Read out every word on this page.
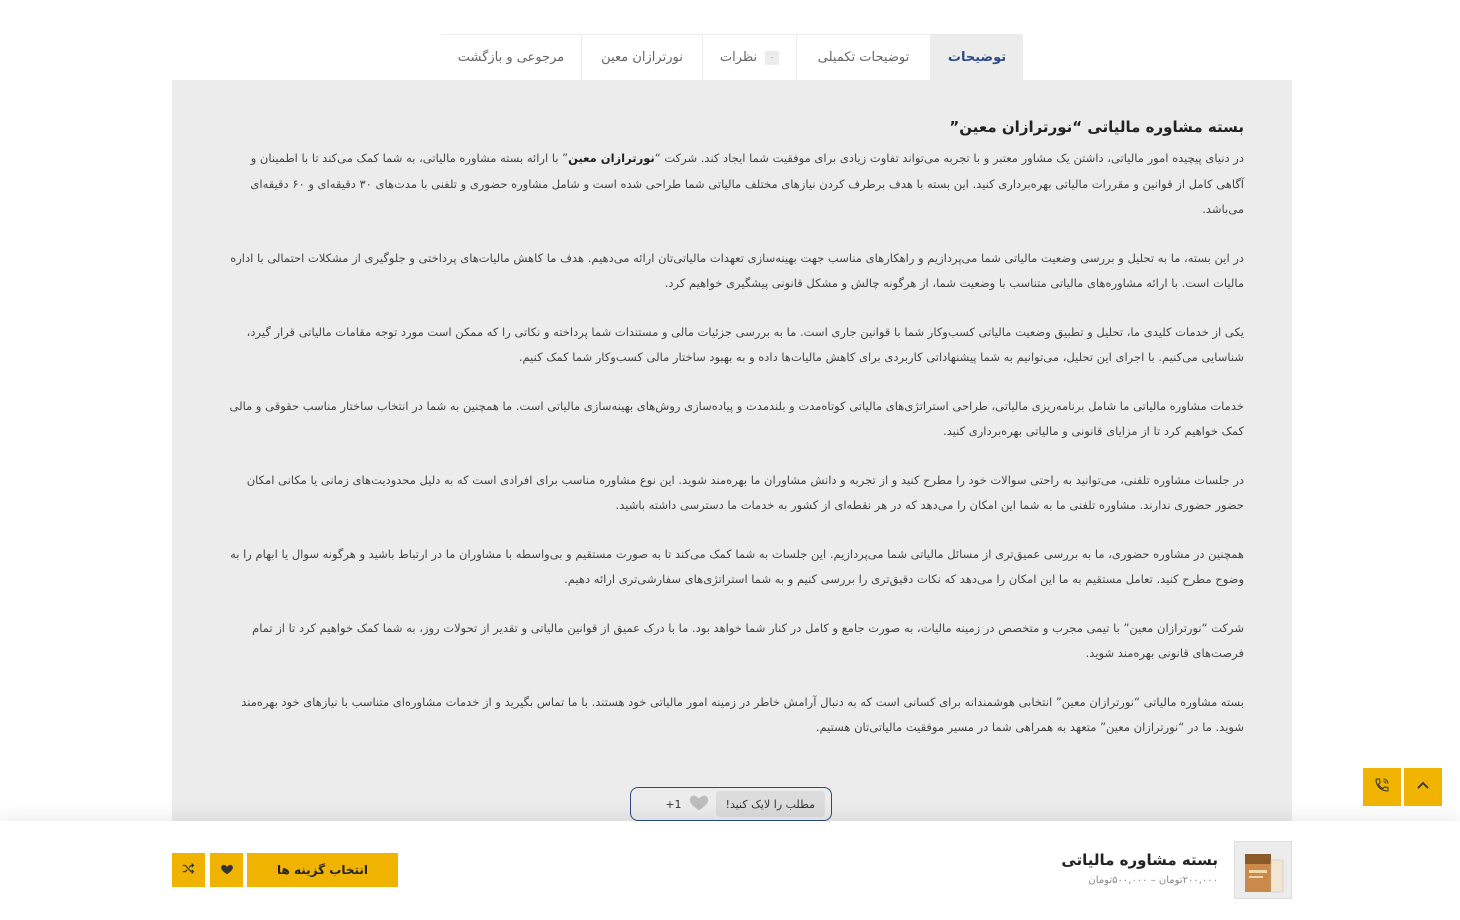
توضیحات
توضیحات تکمیلی
نظرات	۰
نورترازان معین
مرجوعی و بازگشت
بسته مشاوره مالیاتی “نورترازان معین”

در دنیای پیچیده امور مالیاتی، داشتن یک مشاور معتبر و با تجربه می‌تواند تفاوت زیادی برای موفقیت شما ایجاد کند. شرکت “نورترازان معین” با ارائه بسته مشاوره مالیاتی، به شما کمک می‌کند تا با اطمینان و آگاهی کامل از قوانین و مقررات مالیاتی بهره‌برداری کنید. این بسته با هدف برطرف کردن نیازهای مختلف مالیاتی شما طراحی شده است و شامل مشاوره حضوری و تلفنی با مدت‌های ۳۰ دقیقه‌ای و ۶۰ دقیقه‌ای می‌باشد.

در این بسته، ما به تحلیل و بررسی وضعیت مالیاتی شما می‌پردازیم و راهکارهای مناسب جهت بهینه‌سازی تعهدات مالیاتی‌تان ارائه می‌دهیم. هدف ما کاهش مالیات‌های پرداختی و جلوگیری از مشکلات احتمالی با اداره مالیات است. با ارائه مشاوره‌های مالیاتی متناسب با وضعیت شما، از هرگونه چالش و مشکل قانونی پیشگیری خواهیم کرد.

یکی از خدمات کلیدی ما، تحلیل و تطبیق وضعیت مالیاتی کسب‌وکار شما با قوانین جاری است. ما به بررسی جزئیات مالی و مستندات شما پرداخته و نکاتی را که ممکن است مورد توجه مقامات مالیاتی قرار گیرد، شناسایی می‌کنیم. با اجرای این تحلیل، می‌توانیم به شما پیشنهاداتی کاربردی برای کاهش مالیات‌ها داده و به بهبود ساختار مالی کسب‌وکار شما کمک کنیم.

خدمات مشاوره مالیاتی ما شامل برنامه‌ریزی مالیاتی، طراحی استراتژی‌های مالیاتی کوتاه‌مدت و بلندمدت و پیاده‌سازی روش‌های بهینه‌سازی مالیاتی است. ما همچنین به شما در انتخاب ساختار مناسب حقوقی و مالی کمک خواهیم کرد تا از مزایای قانونی و مالیاتی بهره‌برداری کنید.

در جلسات مشاوره تلفنی، می‌توانید به راحتی سوالات خود را مطرح کنید و از تجربه و دانش مشاوران ما بهره‌مند شوید. این نوع مشاوره مناسب برای افرادی است که به دلیل محدودیت‌های زمانی یا مکانی امکان حضور حضوری ندارند. مشاوره تلفنی ما به شما این امکان را می‌دهد که در هر نقطه‌ای از کشور به خدمات ما دسترسی داشته باشید.

همچنین در مشاوره حضوری، ما به بررسی عمیق‌تری از مسائل مالیاتی شما می‌پردازیم. این جلسات به شما کمک می‌کند تا به صورت مستقیم و بی‌واسطه با مشاوران ما در ارتباط باشید و هرگونه سوال یا ابهام را به وضوح مطرح کنید. تعامل مستقیم به ما این امکان را می‌دهد که نکات دقیق‌تری را بررسی کنیم و به شما استراتژی‌های سفارشی‌تری ارائه دهیم.

شرکت “نورترازان معین” با تیمی مجرب و متخصص در زمینه مالیات، به صورت جامع و کامل در کنار شما خواهد بود. ما با درک عمیق از قوانین مالیاتی و تقدیر از تحولات روز، به شما کمک خواهیم کرد تا از تمام فرصت‌های قانونی بهره‌مند شوید.

بسته مشاوره مالیاتی “نورترازان معین” انتخابی هوشمندانه برای کسانی است که به دنبال آرامش خاطر در زمینه امور مالیاتی خود هستند. با ما تماس بگیرید و از خدمات مشاوره‌ای متناسب با نیازهای خود بهره‌مند شوید. ما در “نورترازان معین” متعهد به همراهی شما در مسیر موفقیت مالیاتی‌تان هستیم.

مطلب را لایک کنید!
+1
بسته مشاوره مالیاتی
۲۰۰,۰۰۰تومان – ۵۰۰,۰۰۰تومان
انتخاب گزینه ها
